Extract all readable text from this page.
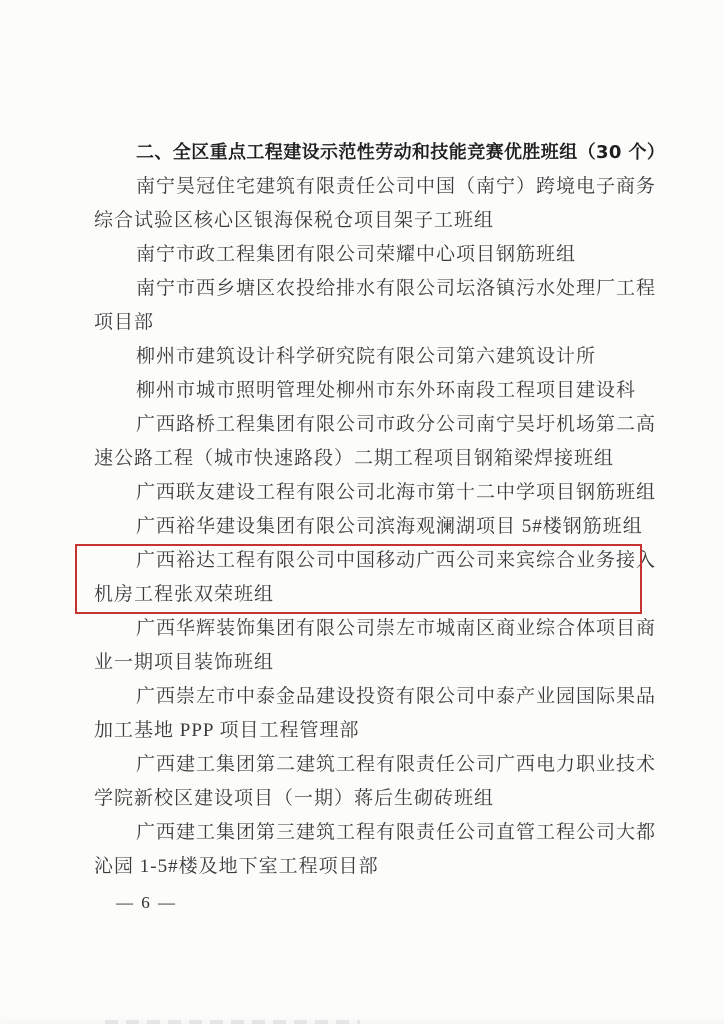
二、全区重点工程建设示范性劳动和技能竞赛优胜班组（30 个）

南宁昊冠住宅建筑有限责任公司中国（南宁）跨境电子商务综合试验区核心区银海保税仓项目架子工班组

南宁市政工程集团有限公司荣耀中心项目钢筋班组

南宁市西乡塘区农投给排水有限公司坛洛镇污水处理厂工程项目部

柳州市建筑设计科学研究院有限公司第六建筑设计所

柳州市城市照明管理处柳州市东外环南段工程项目建设科

广西路桥工程集团有限公司市政分公司南宁吴圩机场第二高速公路工程（城市快速路段）二期工程项目钢箱梁焊接班组

广西联友建设工程有限公司北海市第十二中学项目钢筋班组

广西裕华建设集团有限公司滨海观澜湖项目 5#楼钢筋班组

广西裕达工程有限公司中国移动广西公司来宾综合业务接入机房工程张双荣班组

广西华辉装饰集团有限公司崇左市城南区商业综合体项目商业一期项目装饰班组

广西崇左市中泰金品建设投资有限公司中泰产业园国际果品加工基地 PPP 项目工程管理部

广西建工集团第二建筑工程有限责任公司广西电力职业技术学院新校区建设项目（一期）蒋后生砌砖班组

广西建工集团第三建筑工程有限责任公司直管工程公司大都沁园 1-5#楼及地下室工程项目部

— 6 —
